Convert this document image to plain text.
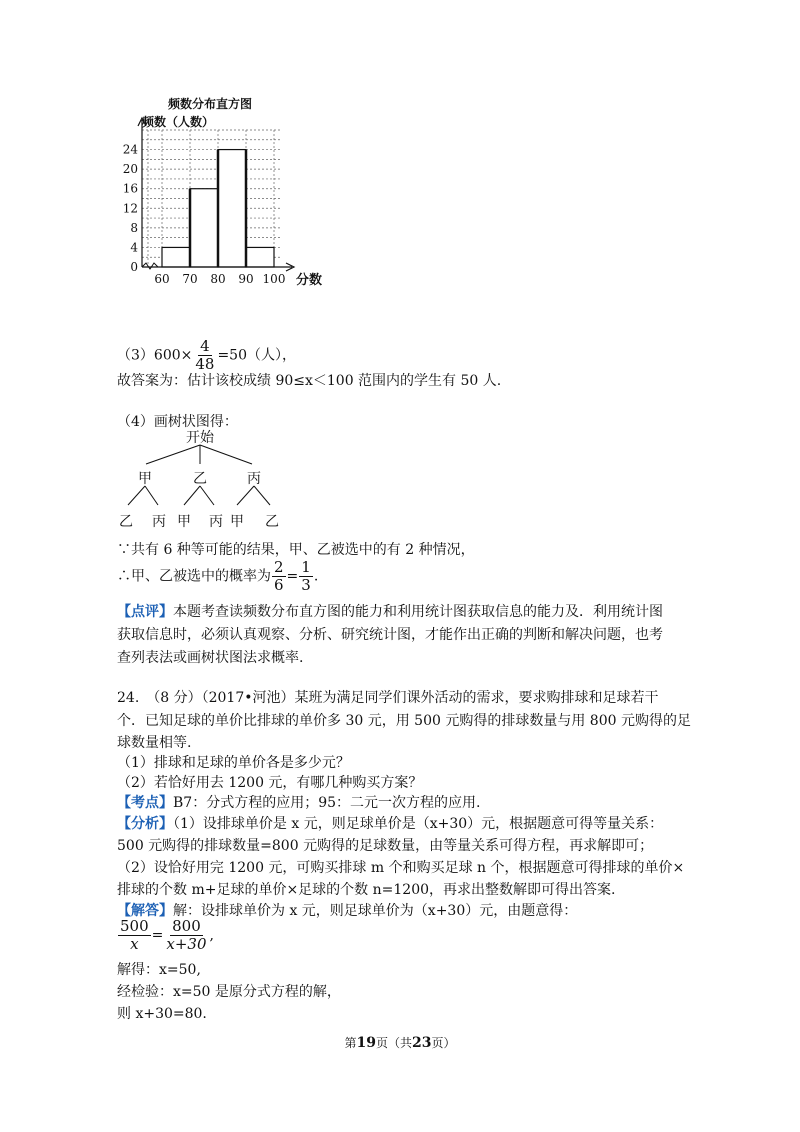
频数分布直方图
频数（人数）
分数
0
4
8
12
16
20
24
60 70 80 90 100
$(3)600\times \frac{4}{48} =50$（人），
故答案为：估计该校成绩 90≤x＜100 范围内的学生有 50 人.
（4）画树状图得：
开始
甲	乙	丙
乙 丙 甲 丙 甲 乙
∵共有 6 种等可能的结果，甲、乙被选中的有 2 种情况，
∴甲、乙被选中的概率为 $\frac{2}{6} = \frac{1}{3}$ .
【点评】本题考查读频数分布直方图的能力和利用统计图获取信息的能力及．利用统计图
获取信息时，必须认真观察、分析、研究统计图，才能作出正确的判断和解决问题，也考
查列表法或画树状图法求概率.
24.　（8 分）（2017•河池）某班为满足同学们课外活动的需求，要求购排球和足球若干
个．已知足球的单价比排球的单价多 30 元，用 500 元购得的排球数量与用 800 元购得的足
球数量相等.
（1）排球和足球的单价各是多少元？
（2）若恰好用去 1200 元，有哪几种购买方案？
【考点】B7：分式方程的应用；95：二元一次方程的应用.
【分析】（1）设排球单价是 x 元，则足球单价是（x+30）元，根据题意可得等量关系：
500 元购得的排球数量=800 元购得的足球数量，由等量关系可得方程，再求解即可；
（2）设恰好用完 1200 元，可购买排球 m 个和购买足球 n 个，根据题意可得排球的单价×
排球的个数 m+足球的单价×足球的个数 n=1200，再求出整数解即可得出答案.
【解答】解：设排球单价为 x 元，则足球单价为（x+30）元，由题意得：
$\frac{500}{x} = \frac{800}{x+30}$ ,
解得：x=50,
经检验：x=50 是原分式方程的解，
则 x+30=80.
第19页（共23页）
